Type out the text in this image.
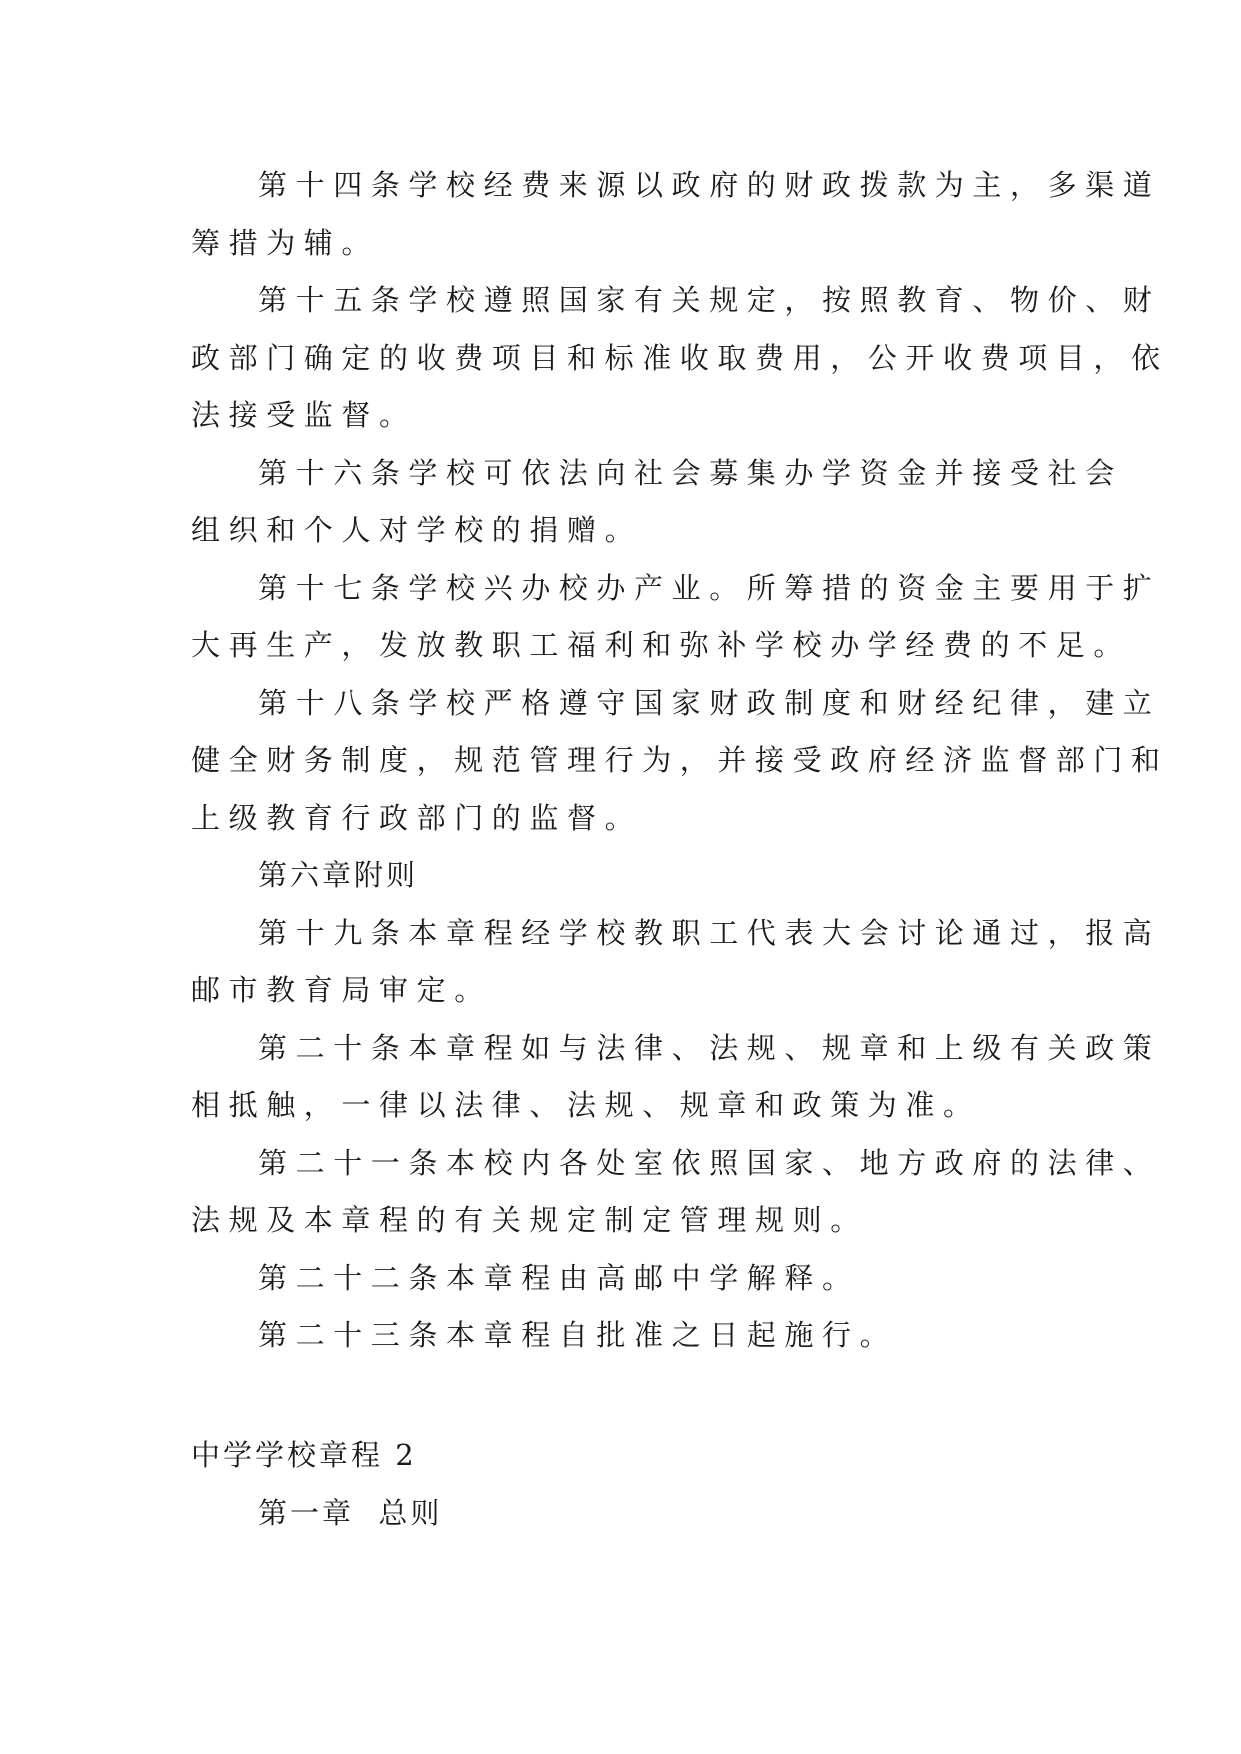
第十四条学校经费来源以政府的财政拨款为主，多渠道
筹措为辅。
第十五条学校遵照国家有关规定，按照教育、物价、财
政部门确定的收费项目和标准收取费用，公开收费项目，依
法接受监督。
第十六条学校可依法向社会募集办学资金并接受社会
组织和个人对学校的捐赠。
第十七条学校兴办校办产业。所筹措的资金主要用于扩
大再生产，发放教职工福利和弥补学校办学经费的不足。
第十八条学校严格遵守国家财政制度和财经纪律，建立
健全财务制度，规范管理行为，并接受政府经济监督部门和
上级教育行政部门的监督。
第六章附则
第十九条本章程经学校教职工代表大会讨论通过，报高
邮市教育局审定。
第二十条本章程如与法律、法规、规章和上级有关政策
相抵触，一律以法律、法规、规章和政策为准。
第二十一条本校内各处室依照国家、地方政府的法律、
法规及本章程的有关规定制定管理规则。
第二十二条本章程由高邮中学解释。
第二十三条本章程自批准之日起施行。
中学学校章程 2
第一章  总则
